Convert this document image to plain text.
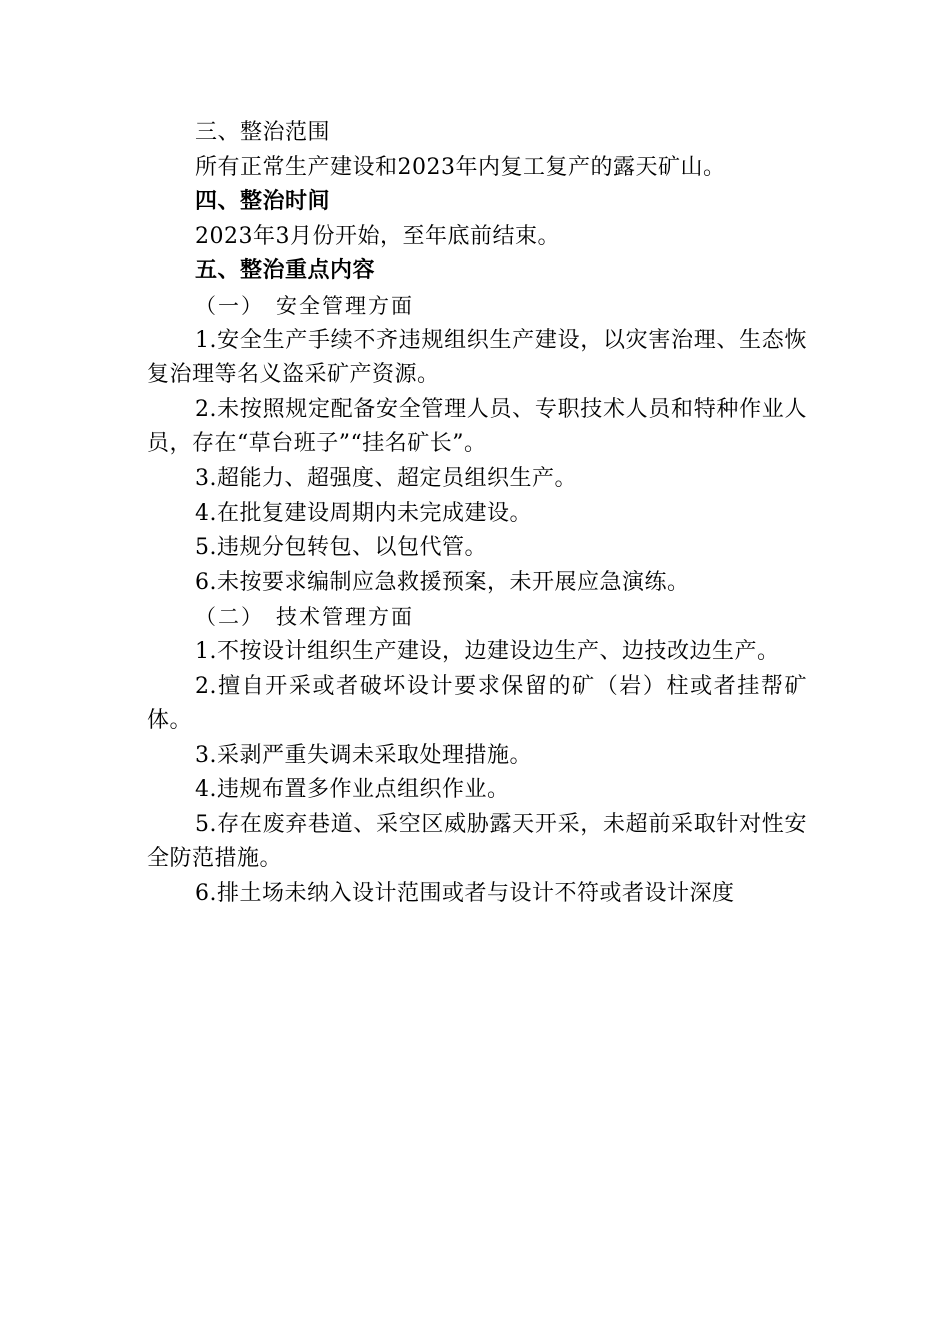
三、整治范围

所有正常生产建设和2023年内复工复产的露天矿山。

四、整治时间

2023年3月份开始，至年底前结束。

五、整治重点内容

（一） 安全管理方面

1.安全生产手续不齐违规组织生产建设，以灾害治理、生态恢复治理等名义盗采矿产资源。

2.未按照规定配备安全管理人员、专职技术人员和特种作业人员，存在“草台班子”“挂名矿长”。

3.超能力、超强度、超定员组织生产。

4.在批复建设周期内未完成建设。

5.违规分包转包、以包代管。

6.未按要求编制应急救援预案，未开展应急演练。

（二） 技术管理方面

1.不按设计组织生产建设，边建设边生产、边技改边生产。

2.擅自开采或者破坏设计要求保留的矿（岩）柱或者挂帮矿体。

3.采剥严重失调未采取处理措施。

4.违规布置多作业点组织作业。

5.存在废弃巷道、采空区威胁露天开采，未超前采取针对性安全防范措施。

6.排土场未纳入设计范围或者与设计不符或者设计深度
